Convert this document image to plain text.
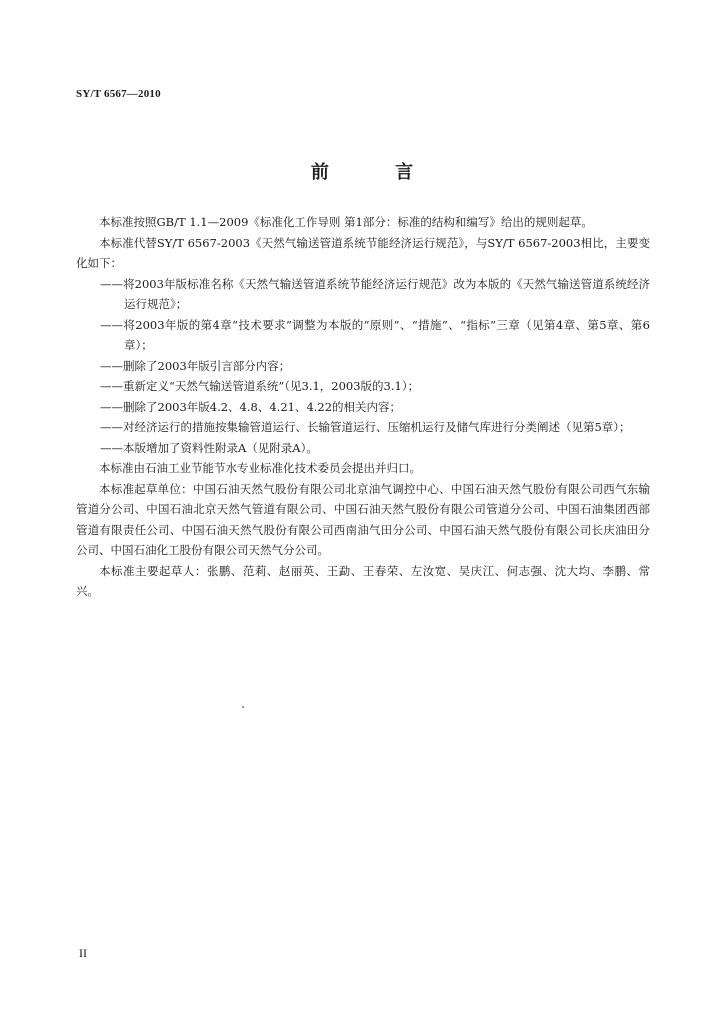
SY/T 6567—2010
前 言

本标准按照GB/T 1.1—2009《标准化工作导则 第1部分：标准的结构和编写》给出的规则起草。

本标准代替SY/T 6567-2003《天然气输送管道系统节能经济运行规范》，与SY/T 6567-2003相比，主要变化如下：

——将2003年版标准名称《天然气输送管道系统节能经济运行规范》改为本版的《天然气输送管道系统经济运行规范》；

——将2003年版的第4章“技术要求”调整为本版的“原则”、“措施”、“指标”三章（见第4章、第5章、第6章）；

——删除了2003年版引言部分内容；

——重新定义“天然气输送管道系统”（见3.1，2003版的3.1）；

——删除了2003年版4.2、4.8、4.21、4.22的相关内容；

——对经济运行的措施按集输管道运行、长输管道运行、压缩机运行及储气库进行分类阐述（见第5章）；

——本版增加了资料性附录A（见附录A）。

本标准由石油工业节能节水专业标准化技术委员会提出并归口。

本标准起草单位：中国石油天然气股份有限公司北京油气调控中心、中国石油天然气股份有限公司西气东输管道分公司、中国石油北京天然气管道有限公司、中国石油天然气股份有限公司管道分公司、中国石油集团西部管道有限责任公司、中国石油天然气股份有限公司西南油气田分公司、中国石油天然气股份有限公司长庆油田分公司、中国石油化工股份有限公司天然气分公司。

本标准主要起草人：张鹏、范莉、赵丽英、王勐、王春荣、左汝宽、吴庆江、何志强、沈大均、李鹏、常兴。

II
